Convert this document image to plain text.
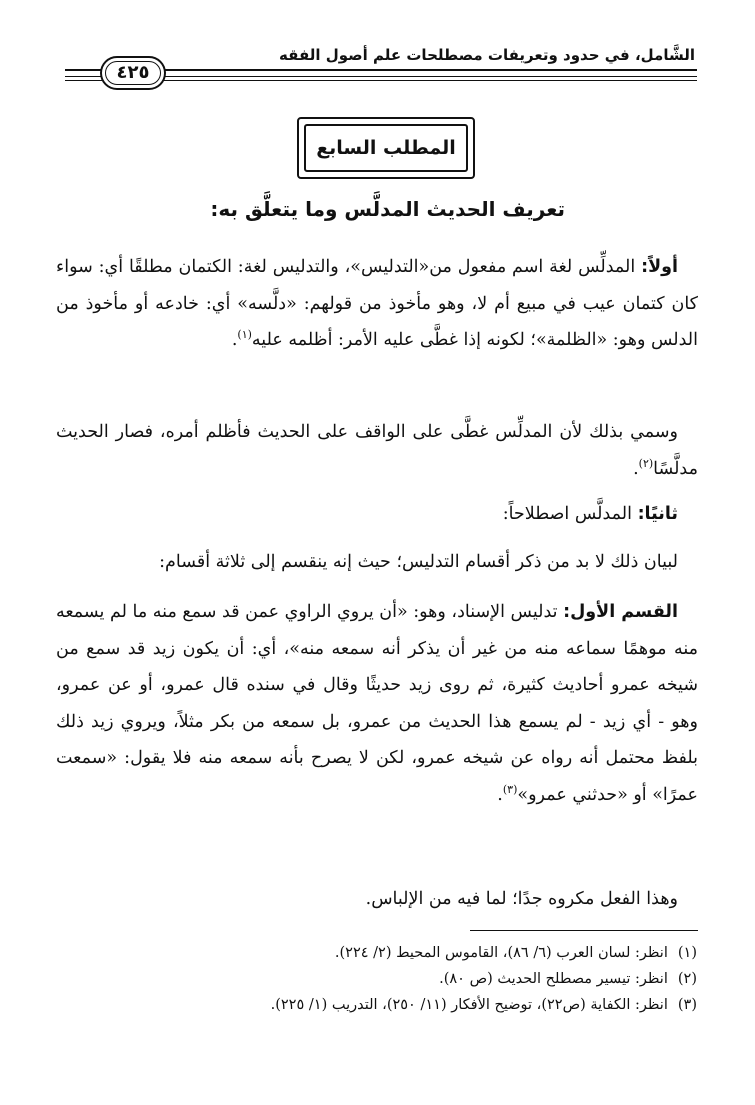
الشَّامل، في حدود وتعريفات مصطلحات علم أصول الفقه
٤٢٥
المطلب السابع
تعريف الحديث المدلَّس وما يتعلَّق به:
أولاً: المدلِّس لغة اسم مفعول من«التدليس»، والتدليس لغة: الكتمان مطلقًا أي: سواء كان كتمان عيب في مبيع أم لا، وهو مأخوذ من قولهم: «دلَّسه» أي: خادعه أو مأخوذ من الدلس وهو: «الظلمة»؛ لكونه إذا غطَّى عليه الأمر: أظلمه عليه$^{(١)}$.
وسمي بذلك لأن المدلِّس غطَّى على الواقف على الحديث فأظلم أمره، فصار الحديث مدلَّسًا$^{(٢)}$.
ثانيًا: المدلَّس اصطلاحاً:
لبيان ذلك لا بد من ذكر أقسام التدليس؛ حيث إنه ينقسم إلى ثلاثة أقسام:
القسم الأول: تدليس الإسناد، وهو: «أن يروي الراوي عمن قد سمع منه ما لم يسمعه منه موهمًا سماعه منه من غير أن يذكر أنه سمعه منه»، أي: أن يكون زيد قد سمع من شيخه عمرو أحاديث كثيرة، ثم روى زيد حديثًا وقال في سنده قال عمرو، أو عن عمرو، وهو - أي زيد - لم يسمع هذا الحديث من عمرو، بل سمعه من بكر مثلاً، ويروي زيد ذلك بلفظ محتمل أنه رواه عن شيخه عمرو، لكن لا يصرح بأنه سمعه منه فلا يقول: «سمعت عمرًا» أو «حدثني عمرو»$^{(٣)}$.
وهذا الفعل مكروه جدًا؛ لما فيه من الإلباس.
(١)انظر: لسان العرب (٦/ ٨٦)، القاموس المحيط (٢/ ٢٢٤).
(٢)انظر: تيسير مصطلح الحديث (ص ٨٠).
(٣)انظر: الكفاية (ص٢٢)، توضيح الأفكار (١١/ ٢٥٠)، التدريب (١/ ٢٢٥).
